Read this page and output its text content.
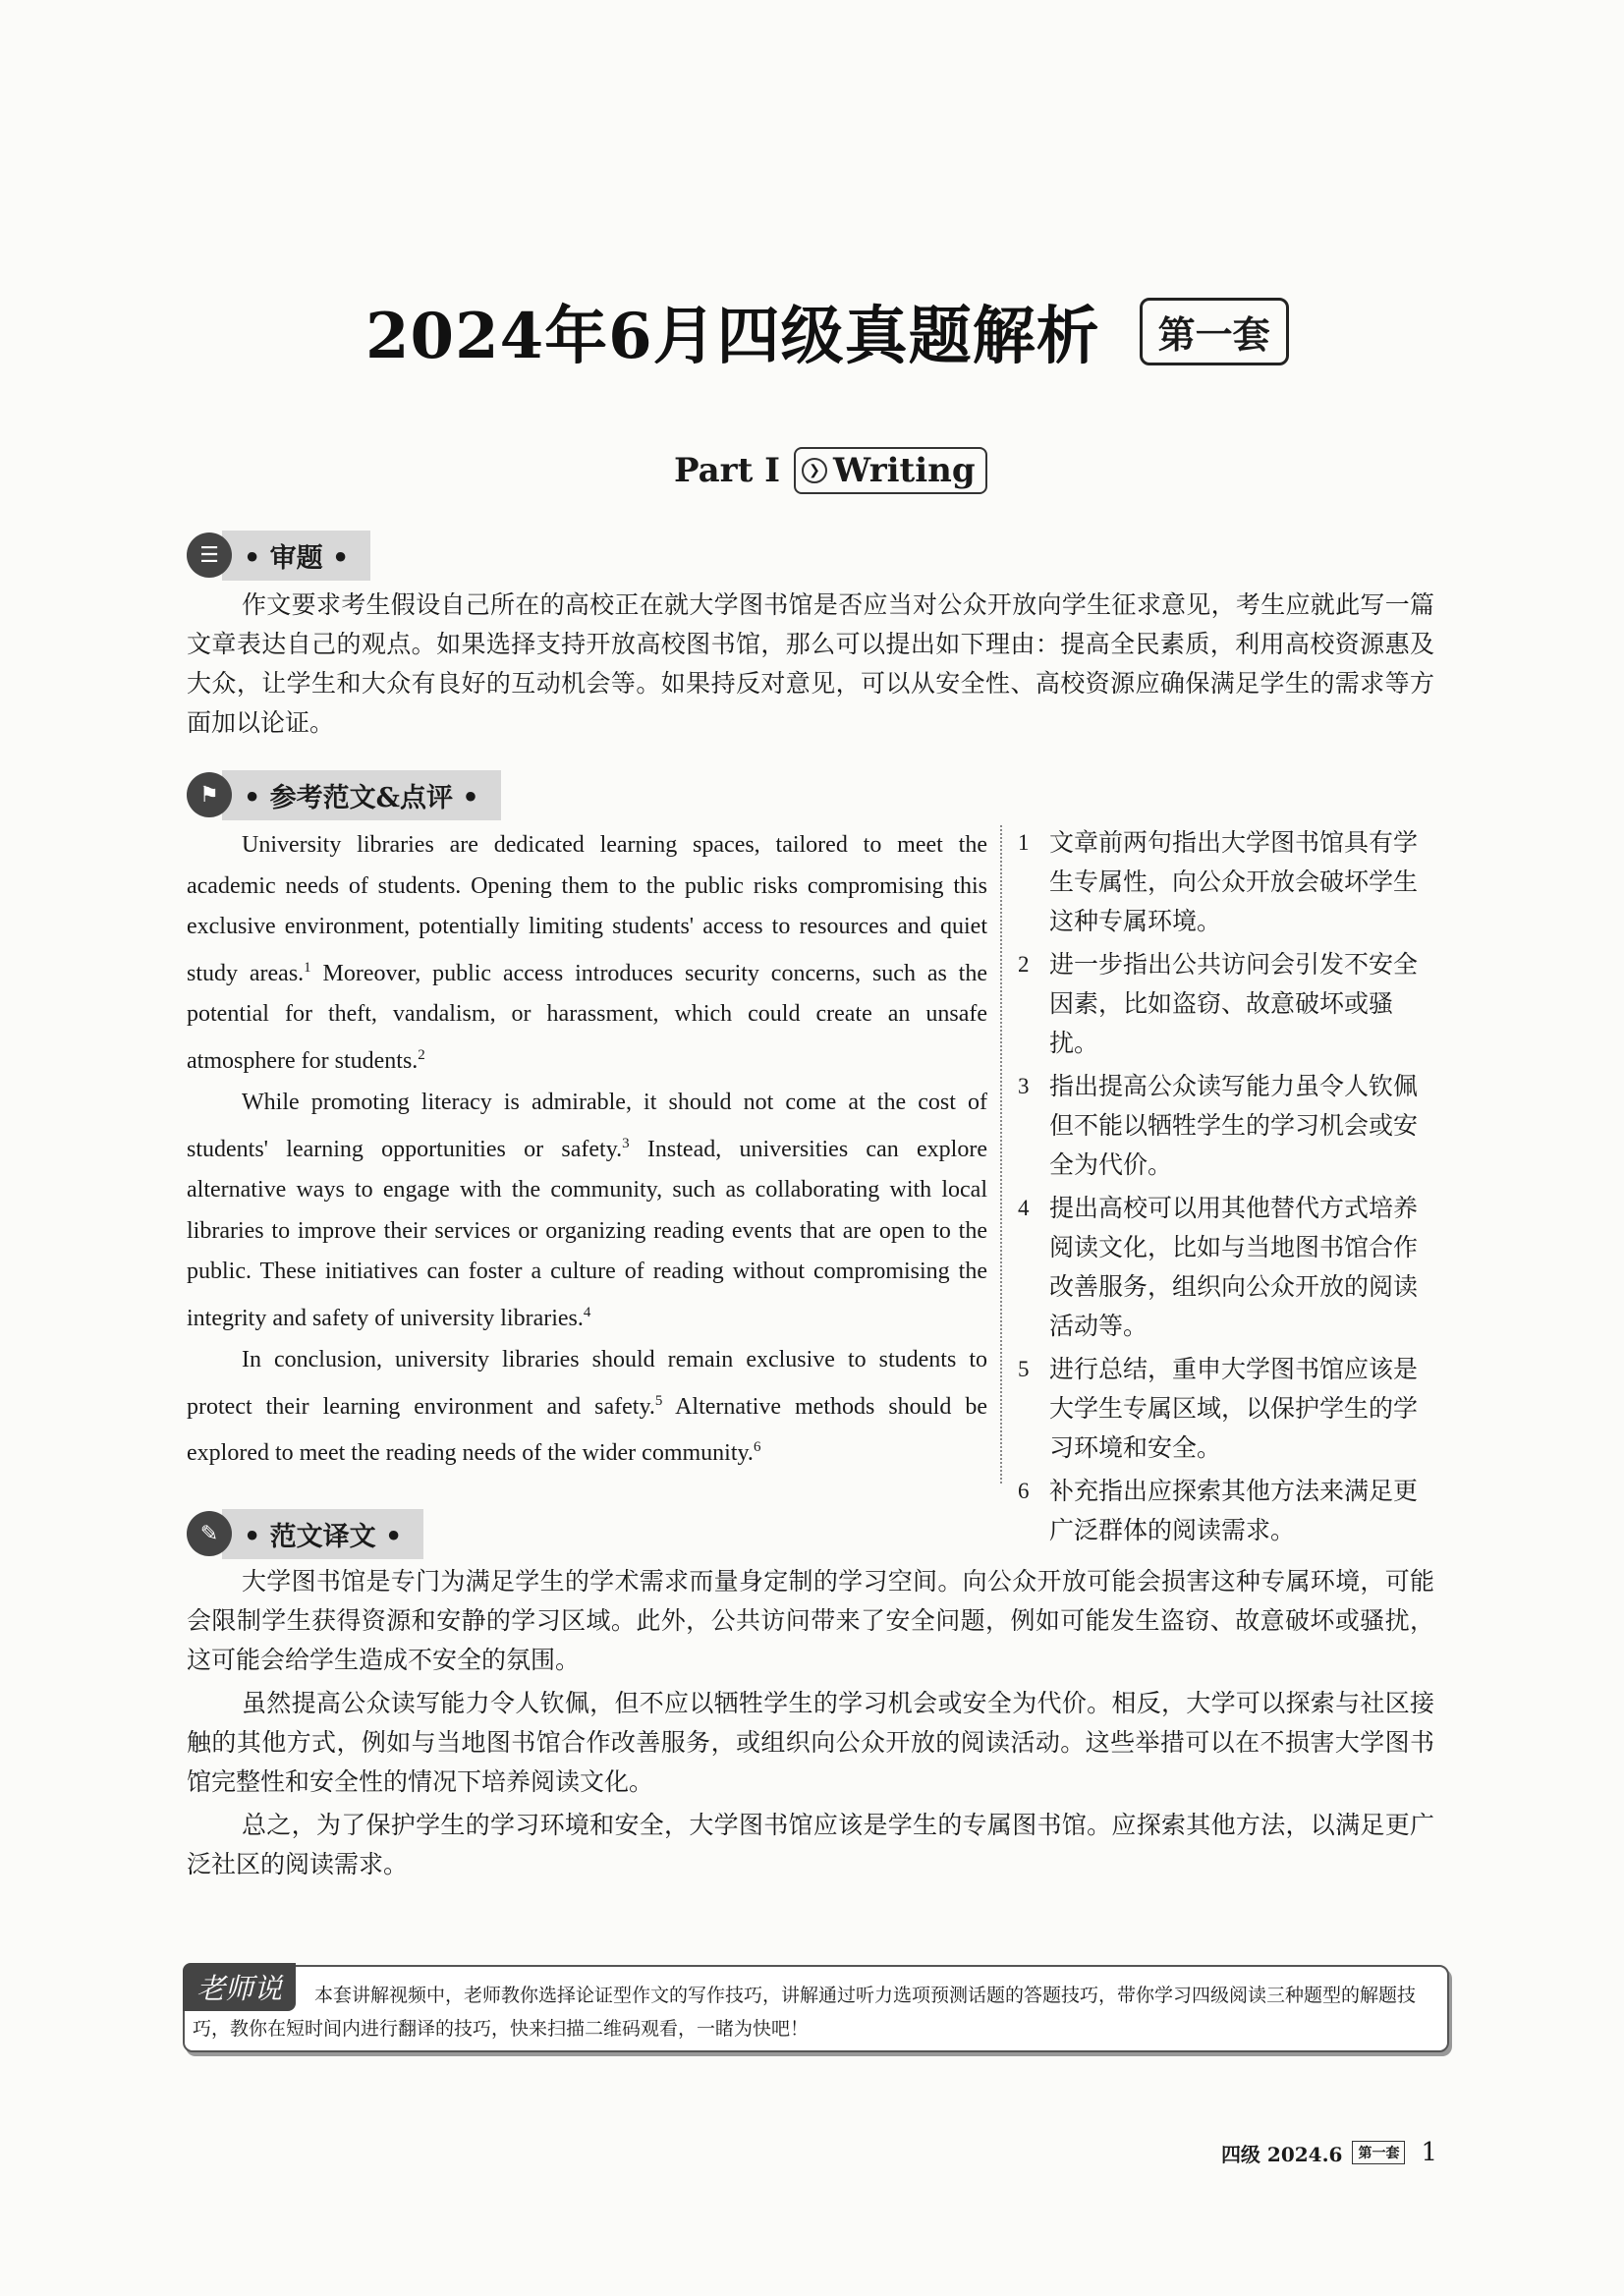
2024年6月四级真题解析	第一套
Part I	❯ Writing
☰ • 审题 •

作文要求考生假设自己所在的高校正在就大学图书馆是否应当对公众开放向学生征求意见，考生应就此写一篇文章表达自己的观点。如果选择支持开放高校图书馆，那么可以提出如下理由：提高全民素质，利用高校资源惠及大众，让学生和大众有良好的互动机会等。如果持反对意见，可以从安全性、高校资源应确保满足学生的需求等方面加以论证。

⚑ • 参考范文&点评 •

University libraries are dedicated learning spaces, tailored to meet the academic needs of students. Opening them to the public risks compromising this exclusive environment, potentially limiting students' access to resources and quiet study areas.$^1$ Moreover, public access introduces security concerns, such as the potential for theft, vandalism, or harassment, which could create an unsafe atmosphere for students.$^2$

While promoting literacy is admirable, it should not come at the cost of students' learning opportunities or safety.$^3$ Instead, universities can explore alternative ways to engage with the community, such as collaborating with local libraries to improve their services or organizing reading events that are open to the public. These initiatives can foster a culture of reading without compromising the integrity and safety of university libraries.$^4$

In conclusion, university libraries should remain exclusive to students to protect their learning environment and safety.$^5$ Alternative methods should be explored to meet the reading needs of the wider community.$^6$

1 文章前两句指出大学图书馆具有学生专属性，向公众开放会破坏学生这种专属环境。
2 进一步指出公共访问会引发不安全因素，比如盗窃、故意破坏或骚扰。
3 指出提高公众读写能力虽令人钦佩但不能以牺牲学生的学习机会或安全为代价。
4 提出高校可以用其他替代方式培养阅读文化，比如与当地图书馆合作改善服务，组织向公众开放的阅读活动等。
5 进行总结，重申大学图书馆应该是大学生专属区域，以保护学生的学习环境和安全。
6 补充指出应探索其他方法来满足更广泛群体的阅读需求。
✎ • 范文译文 •

大学图书馆是专门为满足学生的学术需求而量身定制的学习空间。向公众开放可能会损害这种专属环境，可能会限制学生获得资源和安静的学习区域。此外，公共访问带来了安全问题，例如可能发生盗窃、故意破坏或骚扰，这可能会给学生造成不安全的氛围。

虽然提高公众读写能力令人钦佩，但不应以牺牲学生的学习机会或安全为代价。相反，大学可以探索与社区接触的其他方式，例如与当地图书馆合作改善服务，或组织向公众开放的阅读活动。这些举措可以在不损害大学图书馆完整性和安全性的情况下培养阅读文化。

总之，为了保护学生的学习环境和安全，大学图书馆应该是学生的专属图书馆。应探索其他方法，以满足更广泛社区的阅读需求。

老师说	本套讲解视频中，老师教你选择论证型作文的写作技巧，讲解通过听力选项预测话题的答题技巧，带你学习四级阅读三种题型的解题技巧，教你在短时间内进行翻译的技巧，快来扫描二维码观看，一睹为快吧！
四级 2024.6	第一套 1
